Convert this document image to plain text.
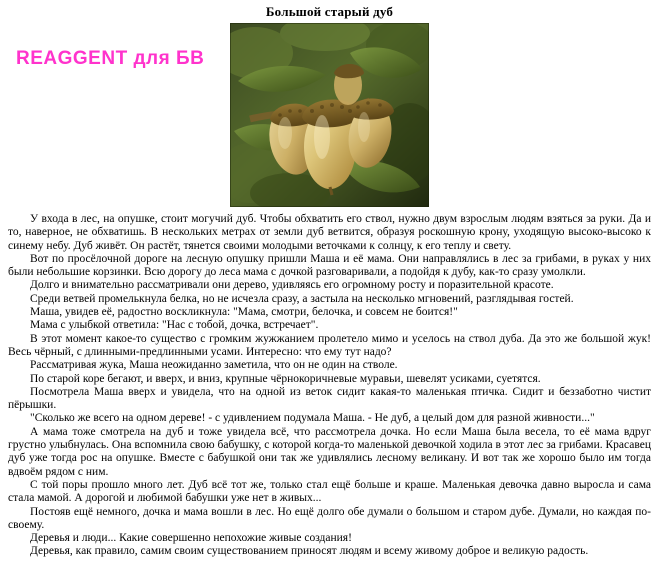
Большой старый дуб
REAGGENT для БВ

У входа в лес, на опушке, стоит могучий дуб. Чтобы обхватить его ствол, нужно двум взрослым людям взяться за руки. Да и то, наверное, не обхватишь. В нескольких метрах от земли дуб ветвится, образуя роскошную крону, уходящую высоко-высоко к синему небу. Дуб живёт. Он растёт, тянется своими молодыми веточками к солнцу, к его теплу и свету.

Вот по просёлочной дороге на лесную опушку пришли Маша и её мама. Они направлялись в лес за грибами, в руках у них были небольшие корзинки. Всю дорогу до леса мама с дочкой разговаривали, а подойдя к дубу, как-то сразу умолкли.

Долго и внимательно рассматривали они дерево, удивляясь его огромному росту и поразительной красоте.

Среди ветвей промелькнула белка, но не исчезла сразу, а застыла на несколько мгновений, разглядывая гостей.

Маша, увидев её, радостно воскликнула: "Мама, смотри, белочка, и совсем не боится!"

Мама с улыбкой ответила: "Нас с тобой, дочка, встречает".

В этот момент какое-то существо с громким жужжанием пролетело мимо и уселось на ствол дуба. Да это же большой жук! Весь чёрный, с длинными-предлинными усами. Интересно: что ему тут надо?

Рассматривая жука, Маша неожиданно заметила, что он не один на стволе.

По старой коре бегают, и вверх, и вниз, крупные чёрнокоричневые муравьи, шевелят усиками, суетятся.

Посмотрела Маша вверх и увидела, что на одной из веток сидит какая-то маленькая птичка. Сидит и беззаботно чистит пёрышки.

"Сколько же всего на одном дереве! - с удивлением подумала Маша. - Не дуб, а целый дом для разной живности..."

А мама тоже смотрела на дуб и тоже увидела всё, что рассмотрела дочка. Но если Маша была весела, то её мама вдруг грустно улыбнулась. Она вспомнила свою бабушку, с которой когда-то маленькой девочкой ходила в этот лес за грибами. Красавец дуб уже тогда рос на опушке. Вместе с бабушкой они так же удивлялись лесному великану. И вот так же хорошо было им тогда вдвоём рядом с ним.

С той поры прошло много лет. Дуб всё тот же, только стал ещё больше и краше. Маленькая девочка давно выросла и сама стала мамой. А дорогой и любимой бабушки уже нет в живых...

Постояв ещё немного, дочка и мама вошли в лес. Но ещё долго обе думали о большом и старом дубе. Думали, но каждая по-своему.

Деревья и люди... Какие совершенно непохожие живые создания!

Деревья, как правило, самим своим существованием приносят людям и всему живому доброе и великую радость.
